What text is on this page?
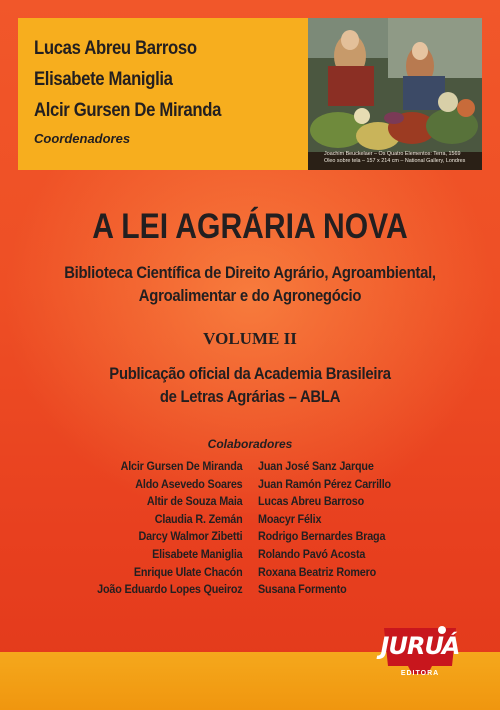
Lucas Abreu Barroso
Elisabete Maniglia
Alcir Gursen De Miranda
Coordenadores
Joachim Beuckelaer – Os Quatro Elementos: Terra, 1569
Óleo sobre tela – 157 x 214 cm – National Gallery, Londres
A LEI AGRÁRIA NOVA
Biblioteca Científica de Direito Agrário, Agroambiental,
Agroalimentar e do Agronegócio
VOLUME II
Publicação oficial da Academia Brasileira
de Letras Agrárias – ABLA
Colaboradores
Alcir Gursen De Miranda
Aldo Asevedo Soares
Altir de Souza Maia
Claudia R. Zemán
Darcy Walmor Zibetti
Elisabete Maniglia
Enrique Ulate Chacón
João Eduardo Lopes Queiroz
Juan José Sanz Jarque
Juan Ramón Pérez Carrillo
Lucas Abreu Barroso
Moacyr Félix
Rodrigo Bernardes Braga
Rolando Pavó Acosta
Roxana Beatriz Romero
Susana Formento
JURUÁ
EDITORA
